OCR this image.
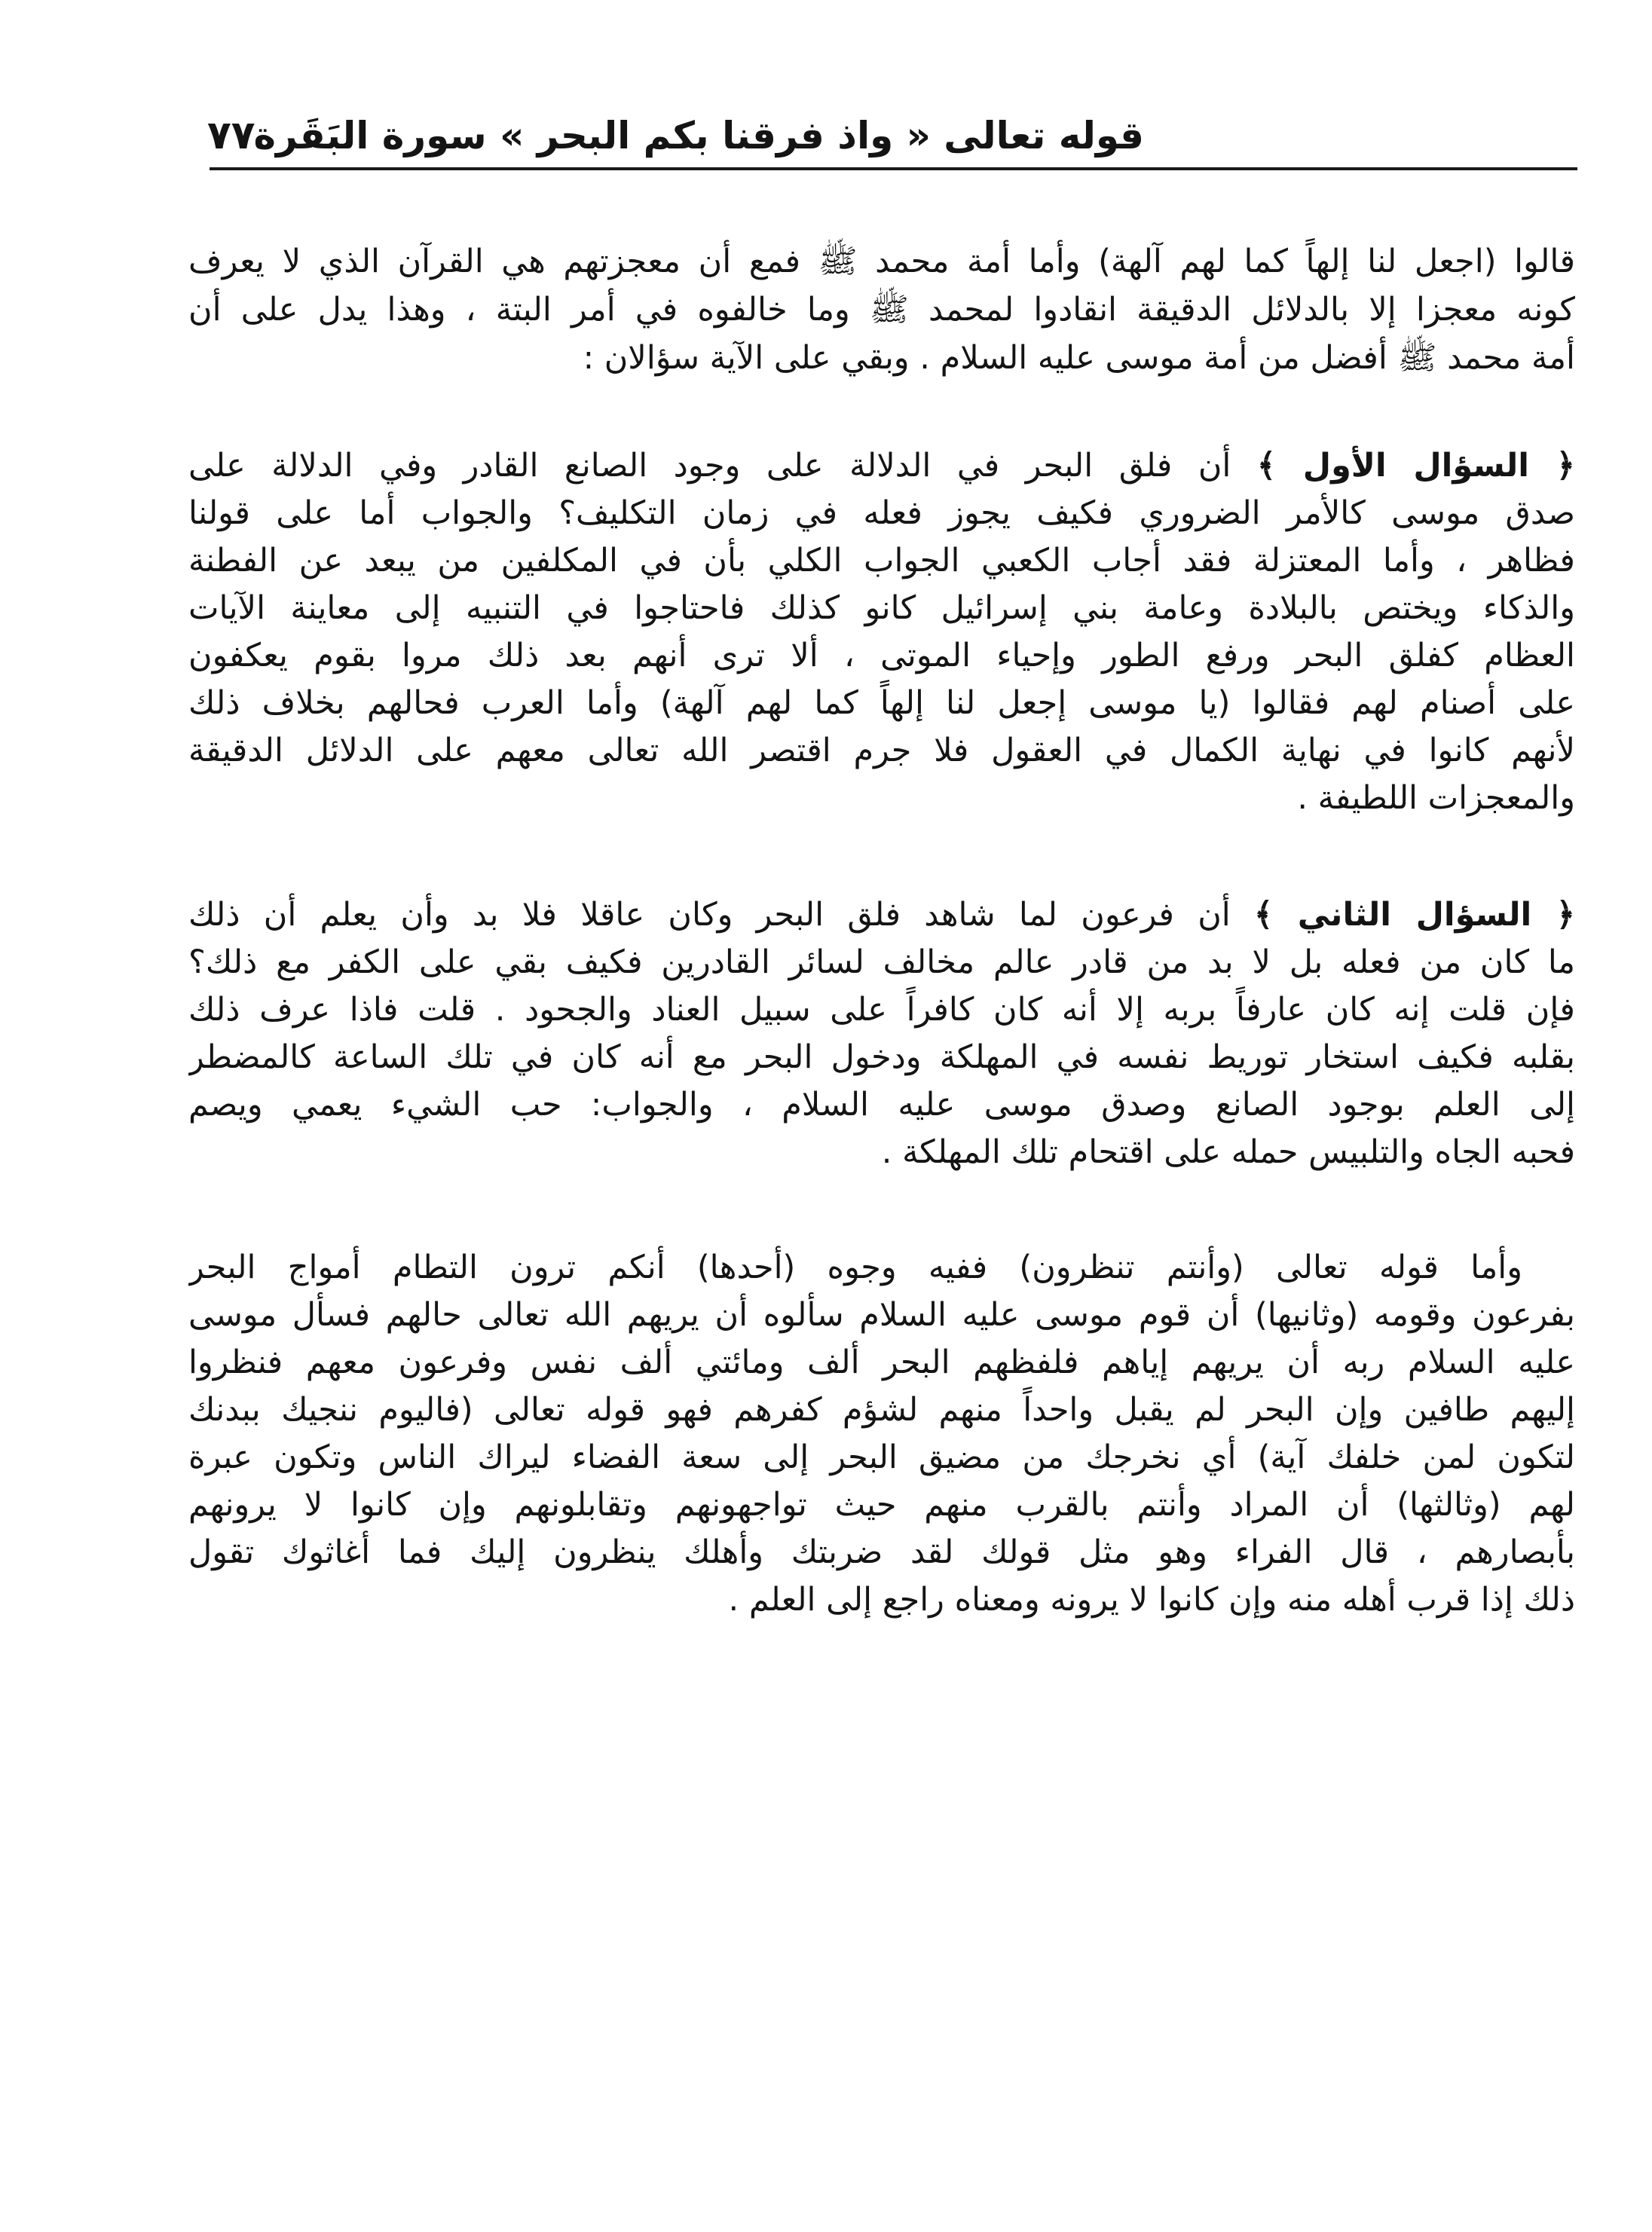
قوله تعالى « واذ فرقنا بكم البحر » سورة البَقَرة
٧٧
قالوا (اجعل لنا إلهاً كما لهم آلهة) وأما أمة محمد ﷺ فمع أن معجزتهم هي القرآن الذي لا يعرف
كونه معجزا إلا بالدلائل الدقيقة انقادوا لمحمد ﷺ وما خالفوه في أمر البتة ، وهذا يدل على أن
أمة محمد ﷺ أفضل من أمة موسى عليه السلام . وبقي على الآية سؤالان :
﴿ السؤال الأول ﴾ أن فلق البحر في الدلالة على وجود الصانع القادر وفي الدلالة على
صدق موسى كالأمر الضروري فكيف يجوز فعله في زمان التكليف؟ والجواب أما على قولنا
فظاهر ، وأما المعتزلة فقد أجاب الكعبي الجواب الكلي بأن في المكلفين من يبعد عن الفطنة
والذكاء ويختص بالبلادة وعامة بني إسرائيل كانو كذلك فاحتاجوا في التنبيه إلى معاينة الآيات
العظام كفلق البحر ورفع الطور وإحياء الموتى ، ألا ترى أنهم بعد ذلك مروا بقوم يعكفون
على أصنام لهم فقالوا (يا موسى إجعل لنا إلهاً كما لهم آلهة) وأما العرب فحالهم بخلاف ذلك
لأنهم كانوا في نهاية الكمال في العقول فلا جرم اقتصر الله تعالى معهم على الدلائل الدقيقة
والمعجزات اللطيفة .
﴿ السؤال الثاني ﴾ أن فرعون لما شاهد فلق البحر وكان عاقلا فلا بد وأن يعلم أن ذلك
ما كان من فعله بل لا بد من قادر عالم مخالف لسائر القادرين فكيف بقي على الكفر مع ذلك؟
فإن قلت إنه كان عارفاً بربه إلا أنه كان كافراً على سبيل العناد والجحود . قلت فاذا عرف ذلك
بقلبه فكيف استخار توريط نفسه في المهلكة ودخول البحر مع أنه كان في تلك الساعة كالمضطر
إلى العلم بوجود الصانع وصدق موسى عليه السلام ، والجواب: حب الشيء يعمي ويصم
فحبه الجاه والتلبيس حمله على اقتحام تلك المهلكة .
وأما قوله تعالى (وأنتم تنظرون) ففيه وجوه (أحدها) أنكم ترون التطام أمواج البحر
بفرعون وقومه (وثانيها) أن قوم موسى عليه السلام سألوه أن يريهم الله تعالى حالهم فسأل موسى
عليه السلام ربه أن يريهم إياهم فلفظهم البحر ألف ومائتي ألف نفس وفرعون معهم فنظروا
إليهم طافين وإن البحر لم يقبل واحداً منهم لشؤم كفرهم فهو قوله تعالى (فاليوم ننجيك ببدنك
لتكون لمن خلفك آية) أي نخرجك من مضيق البحر إلى سعة الفضاء ليراك الناس وتكون عبرة
لهم (وثالثها) أن المراد وأنتم بالقرب منهم حيث تواجهونهم وتقابلونهم وإن كانوا لا يرونهم
بأبصارهم ، قال الفراء وهو مثل قولك لقد ضربتك وأهلك ينظرون إليك فما أغاثوك تقول
ذلك إذا قرب أهله منه وإن كانوا لا يرونه ومعناه راجع إلى العلم .
